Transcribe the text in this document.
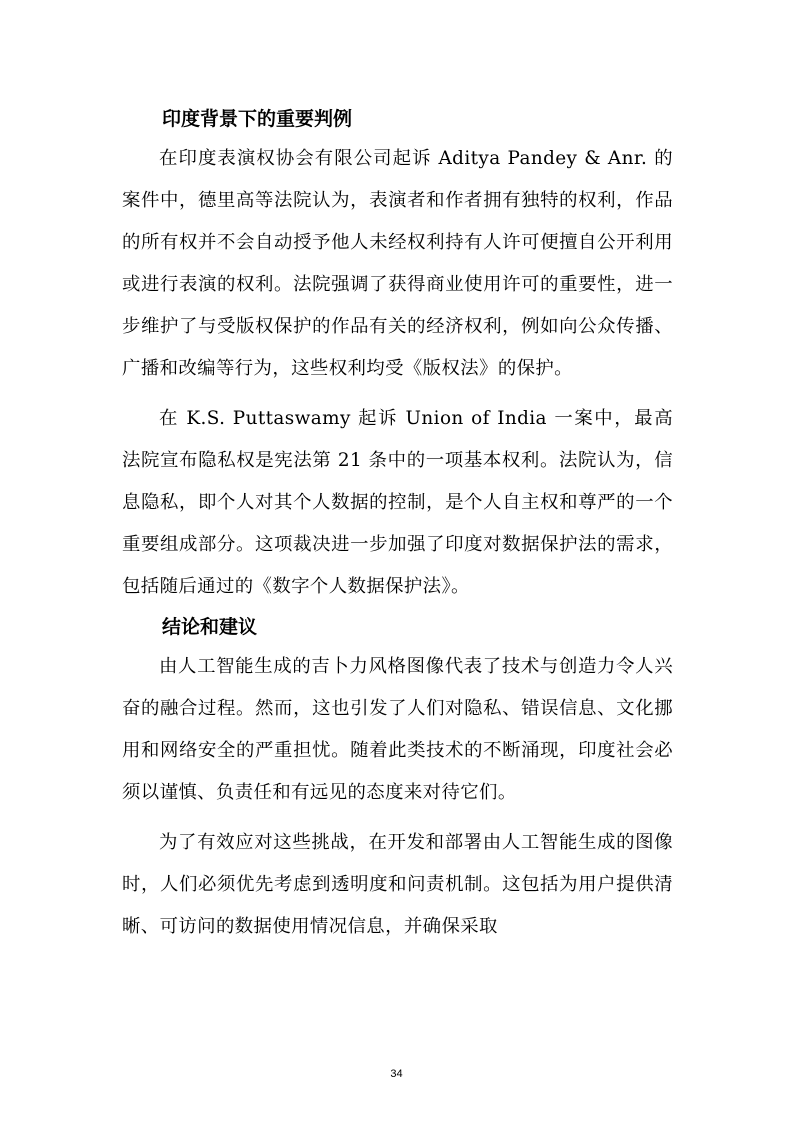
印度背景下的重要判例

在印度表演权协会有限公司起诉 Aditya Pandey & Anr. 的案件中，德里高等法院认为，表演者和作者拥有独特的权利，作品的所有权并不会自动授予他人未经权利持有人许可便擅自公开利用或进行表演的权利。法院强调了获得商业使用许可的重要性，进一步维护了与受版权保护的作品有关的经济权利，例如向公众传播、广播和改编等行为，这些权利均受《版权法》的保护。

在 K.S. Puttaswamy 起诉 Union of India 一案中，最高法院宣布隐私权是宪法第 21 条中的一项基本权利。法院认为，信息隐私，即个人对其个人数据的控制，是个人自主权和尊严的一个重要组成部分。这项裁决进一步加强了印度对数据保护法的需求，包括随后通过的《数字个人数据保护法》。

结论和建议

由人工智能生成的吉卜力风格图像代表了技术与创造力令人兴奋的融合过程。然而，这也引发了人们对隐私、错误信息、文化挪用和网络安全的严重担忧。随着此类技术的不断涌现，印度社会必须以谨慎、负责任和有远见的态度来对待它们。

为了有效应对这些挑战，在开发和部署由人工智能生成的图像时，人们必须优先考虑到透明度和问责机制。这包括为用户提供清晰、可访问的数据使用情况信息，并确保采取

34
